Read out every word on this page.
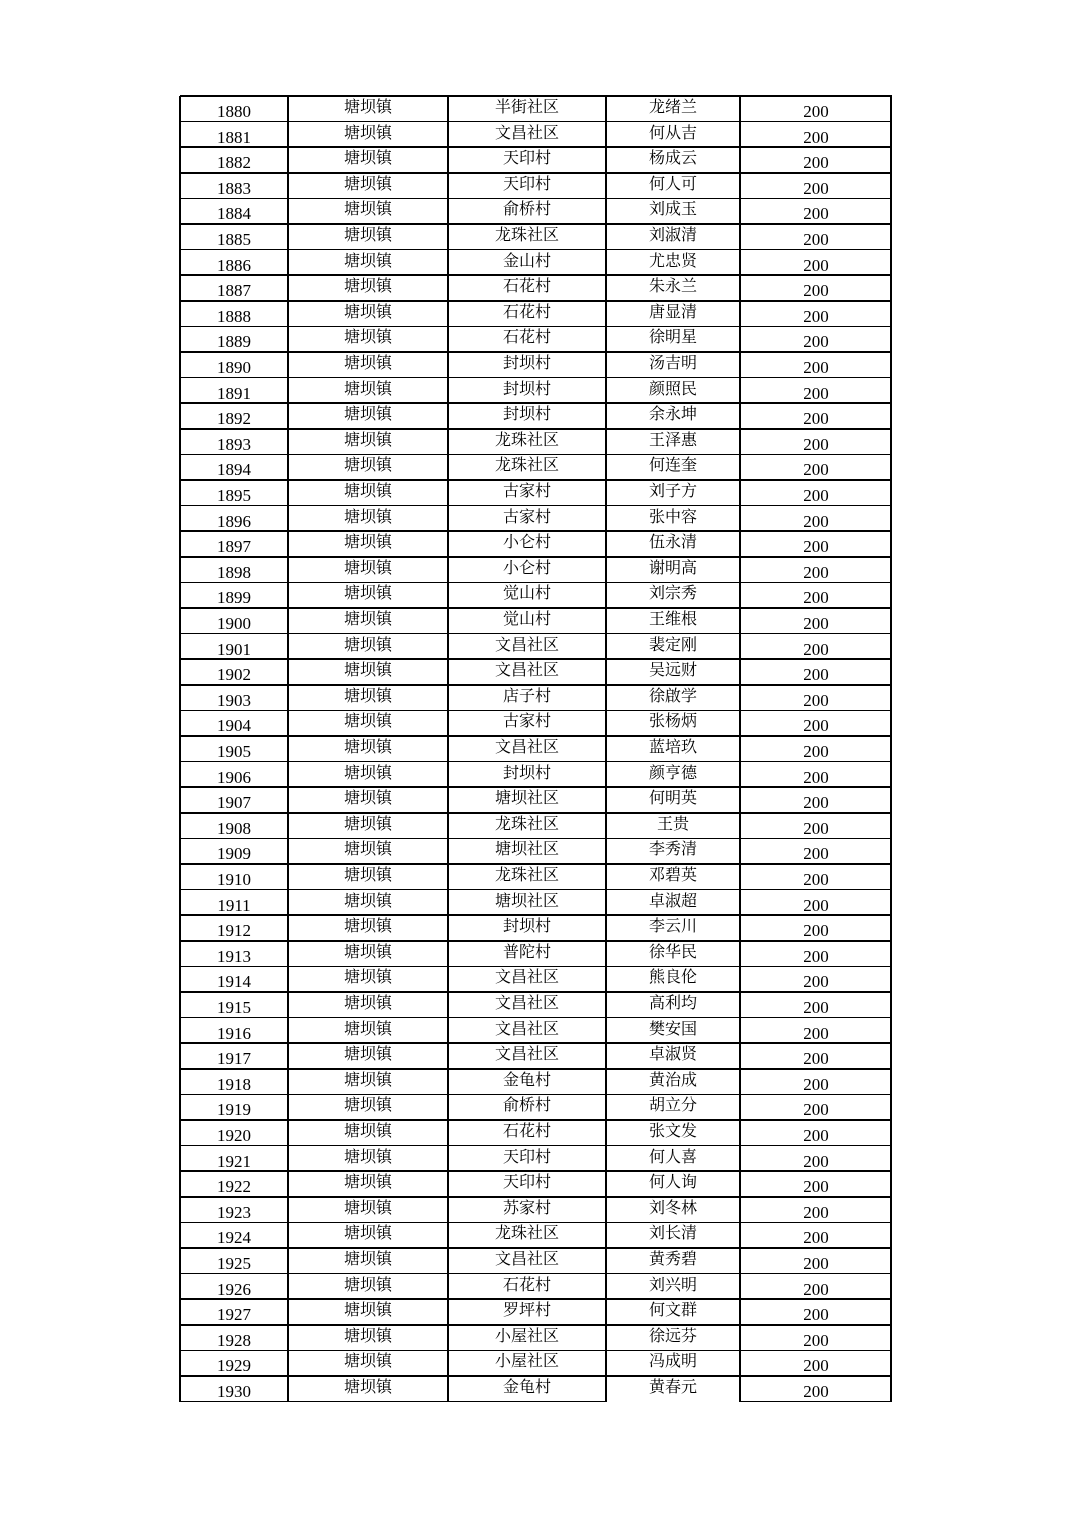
1880	塘坝镇	半街社区	龙绪兰	200
1881	塘坝镇	文昌社区	何从吉	200
1882	塘坝镇	天印村	杨成云	200
1883	塘坝镇	天印村	何人可	200
1884	塘坝镇	俞桥村	刘成玉	200
1885	塘坝镇	龙珠社区	刘淑清	200
1886	塘坝镇	金山村	尤忠贤	200
1887	塘坝镇	石花村	朱永兰	200
1888	塘坝镇	石花村	唐显清	200
1889	塘坝镇	石花村	徐明星	200
1890	塘坝镇	封坝村	汤吉明	200
1891	塘坝镇	封坝村	颜照民	200
1892	塘坝镇	封坝村	余永坤	200
1893	塘坝镇	龙珠社区	王泽惠	200
1894	塘坝镇	龙珠社区	何连奎	200
1895	塘坝镇	古家村	刘子方	200
1896	塘坝镇	古家村	张中容	200
1897	塘坝镇	小仑村	伍永清	200
1898	塘坝镇	小仑村	谢明高	200
1899	塘坝镇	觉山村	刘宗秀	200
1900	塘坝镇	觉山村	王维根	200
1901	塘坝镇	文昌社区	裴定刚	200
1902	塘坝镇	文昌社区	吴远财	200
1903	塘坝镇	店子村	徐啟学	200
1904	塘坝镇	古家村	张杨炳	200
1905	塘坝镇	文昌社区	蓝培玖	200
1906	塘坝镇	封坝村	颜亨德	200
1907	塘坝镇	塘坝社区	何明英	200
1908	塘坝镇	龙珠社区	王贵	200
1909	塘坝镇	塘坝社区	李秀清	200
1910	塘坝镇	龙珠社区	邓碧英	200
1911	塘坝镇	塘坝社区	卓淑超	200
1912	塘坝镇	封坝村	李云川	200
1913	塘坝镇	普陀村	徐华民	200
1914	塘坝镇	文昌社区	熊良伦	200
1915	塘坝镇	文昌社区	高利均	200
1916	塘坝镇	文昌社区	樊安国	200
1917	塘坝镇	文昌社区	卓淑贤	200
1918	塘坝镇	金龟村	黄治成	200
1919	塘坝镇	俞桥村	胡立分	200
1920	塘坝镇	石花村	张文发	200
1921	塘坝镇	天印村	何人喜	200
1922	塘坝镇	天印村	何人询	200
1923	塘坝镇	苏家村	刘冬林	200
1924	塘坝镇	龙珠社区	刘长清	200
1925	塘坝镇	文昌社区	黄秀碧	200
1926	塘坝镇	石花村	刘兴明	200
1927	塘坝镇	罗坪村	何文群	200
1928	塘坝镇	小屋社区	徐远芬	200
1929	塘坝镇	小屋社区	冯成明	200
1930	塘坝镇	金龟村	黄春元	200
